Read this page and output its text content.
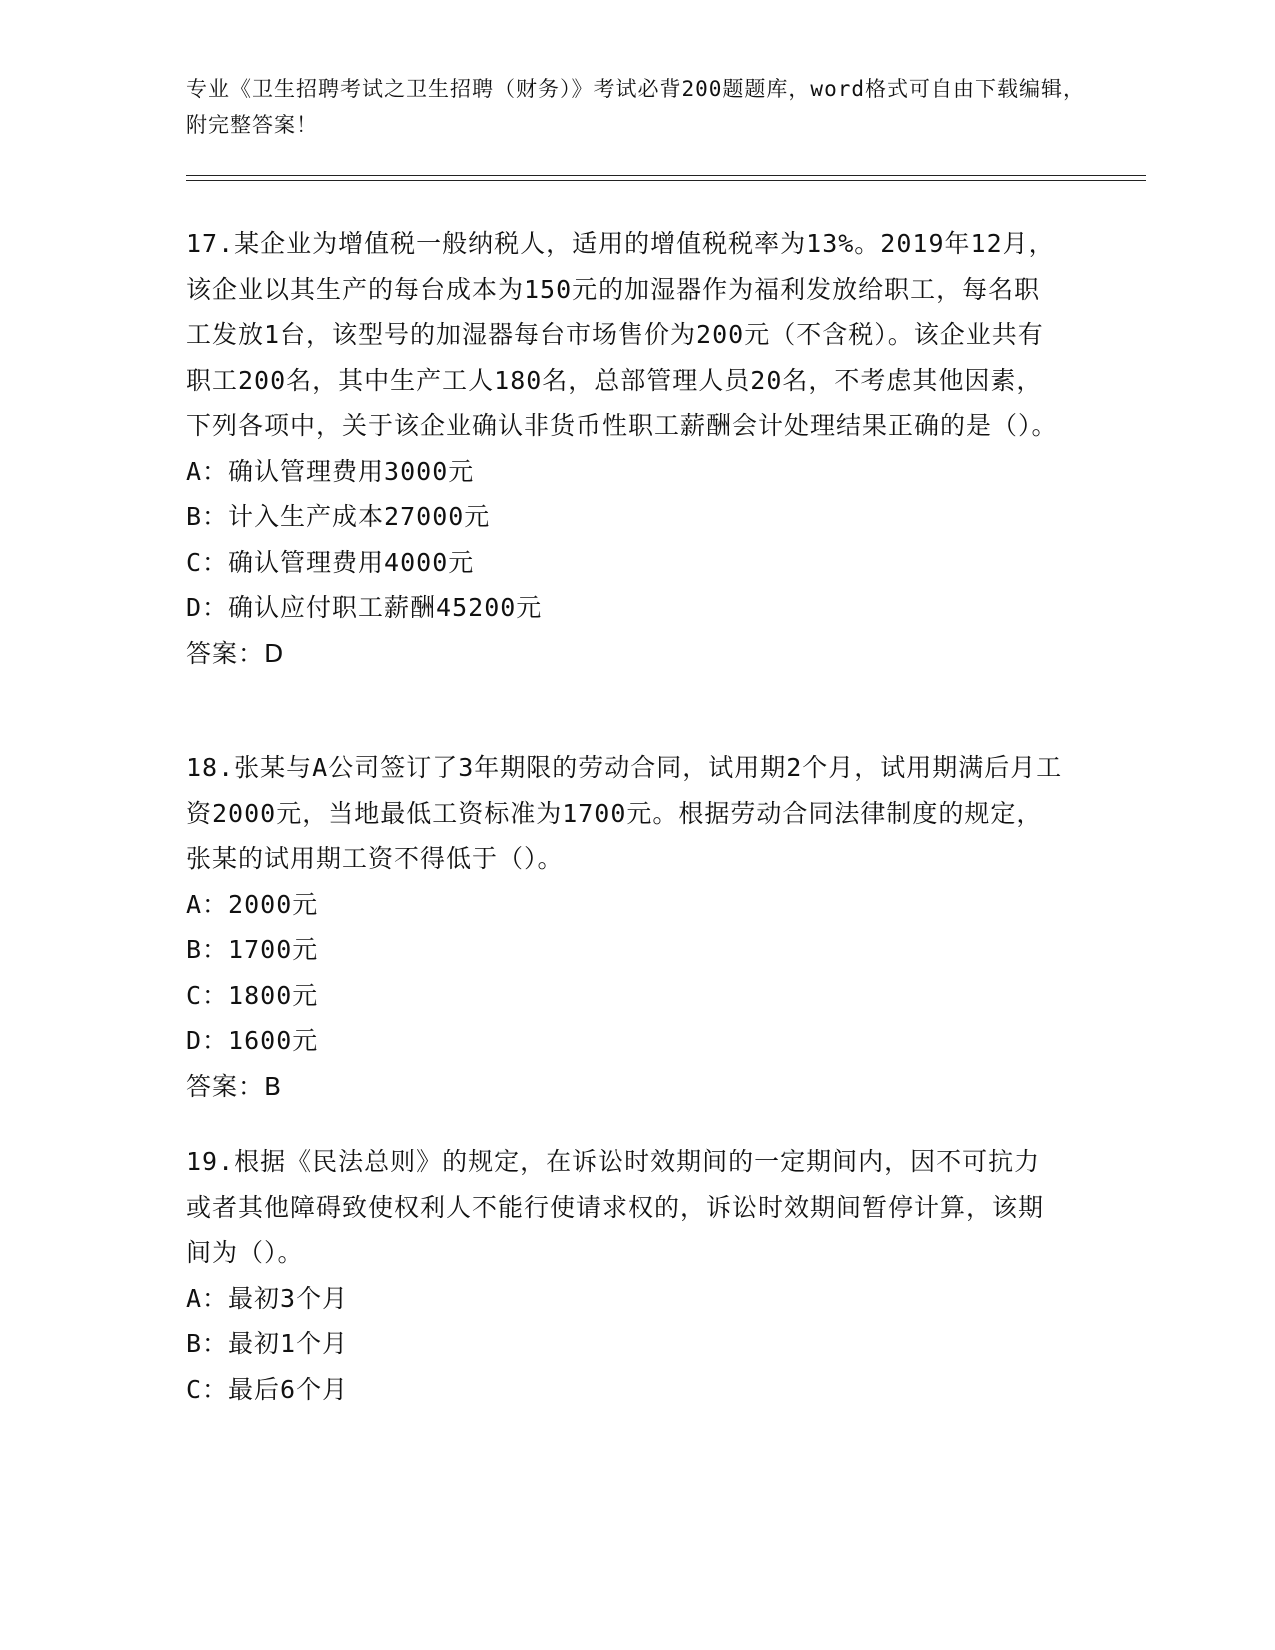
专业《卫生招聘考试之卫生招聘（财务）》考试必背200题题库，word格式可自由下载编辑，附完整答案！
17.某企业为增值税一般纳税人，适用的增值税税率为13%。2019年12月，该企业以其生产的每台成本为150元的加湿器作为福利发放给职工，每名职工发放1台，该型号的加湿器每台市场售价为200元（不含税）。该企业共有职工200名，其中生产工人180名，总部管理人员20名，不考虑其他因素，下列各项中，关于该企业确认非货币性职工薪酬会计处理结果正确的是（）。
A：确认管理费用3000元
B：计入生产成本27000元
C：确认管理费用4000元
D：确认应付职工薪酬45200元
答案：D
18.张某与A公司签订了3年期限的劳动合同，试用期2个月，试用期满后月工资2000元，当地最低工资标准为1700元。根据劳动合同法律制度的规定，张某的试用期工资不得低于（）。
A：2000元
B：1700元
C：1800元
D：1600元
答案：B
19.根据《民法总则》的规定，在诉讼时效期间的一定期间内，因不可抗力或者其他障碍致使权利人不能行使请求权的，诉讼时效期间暂停计算，该期间为（）。
A：最初3个月
B：最初1个月
C：最后6个月
